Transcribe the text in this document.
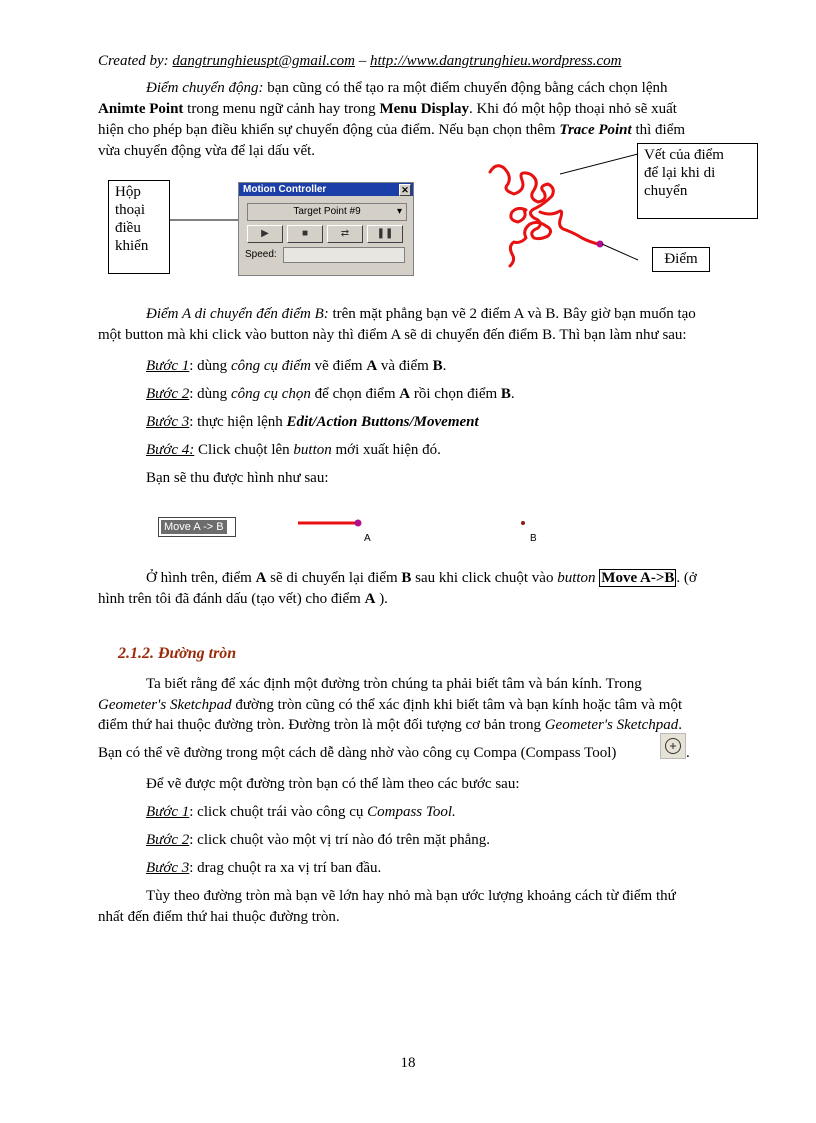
Created by: dangtrunghieuspt@gmail.com – http://www.dangtrunghieu.wordpress.com
Điểm chuyển động: bạn cũng có thể tạo ra một điểm chuyển động bằng cách chọn lệnh
Animte Point trong menu ngữ cảnh hay trong Menu Display. Khi đó một hộp thoại nhỏ sẽ xuất
hiện cho phép bạn điều khiển sự chuyển động của điểm. Nếu bạn chọn thêm Trace Point thì điểm
vừa chuyển động vừa để lại dấu vết.
Hộp
thoại
điều
khiển
Motion Controller	✕
Target Point #9	▾
▶	■	⇄	❚❚
Speed:
Vết của điểm
để lại khi di
chuyển
Điểm
Điểm A di chuyển đến điểm B: trên mặt phẳng bạn vẽ 2 điểm A và B. Bây giờ bạn muốn tạo
một button mà khi click vào button này thì điểm A sẽ di chuyển đến điểm B. Thì bạn làm như sau:
Bước 1: dùng công cụ điểm vẽ điểm A và điểm B.
Bước 2: dùng công cụ chọn để chọn điểm A rồi chọn điểm B.
Bước 3: thực hiện lệnh Edit/Action Buttons/Movement
Bước 4: Click chuột lên button mới xuất hiện đó.
Bạn sẽ thu được hình như sau:
Move A -> B
A	B
Ở hình trên, điểm A sẽ di chuyển lại điểm B sau khi click chuột vào button Move A->B . (ở
hình trên tôi đã đánh dấu (tạo vết) cho điểm A ).
2.1.2. Đường tròn
Ta biết rằng để xác định một đường tròn chúng ta phải biết tâm và bán kính. Trong
Geometer's Sketchpad đường tròn cũng có thể xác định khi biết tâm và bạn kính hoặc tâm và một
điểm thứ hai thuộc đường tròn. Đường tròn là một đối tượng cơ bản trong Geometer's Sketchpad.
Bạn có thể vẽ đường trong một cách dễ dàng nhờ vào công cụ Compa (Compass Tool)	.
Để vẽ được một đường tròn bạn có thể làm theo các bước sau:
Bước 1: click chuột trái vào công cụ Compass Tool.
Bước 2: click chuột vào một vị trí nào đó trên mặt phẳng.
Bước 3: drag chuột ra xa vị trí ban đầu.
Tùy theo đường tròn mà bạn vẽ lớn hay nhỏ mà bạn ước lượng khoảng cách từ điểm thứ
nhất đến điểm thứ hai thuộc đường tròn.
18
